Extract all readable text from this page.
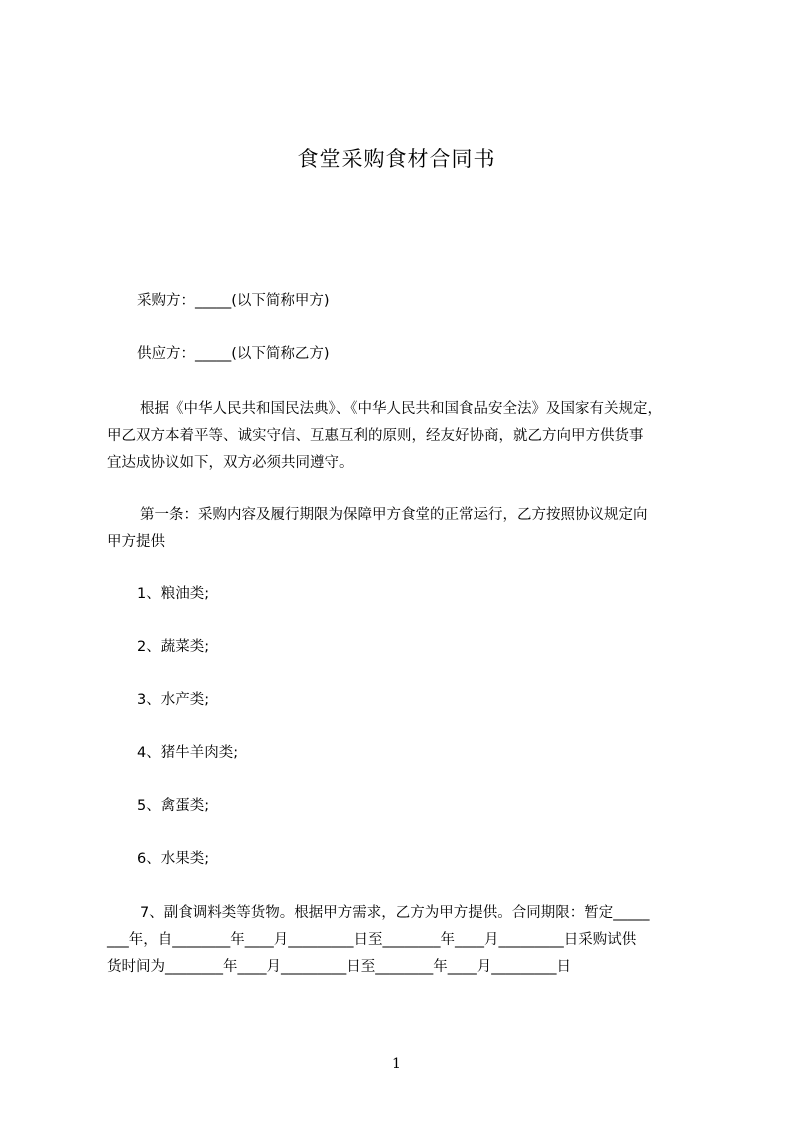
食堂采购食材合同书
采购方：_____(以下简称甲方)
供应方：_____(以下简称乙方)
根据《中华人民共和国民法典》、《中华人民共和国食品安全法》及国家有关规定，
甲乙双方本着平等、诚实守信、互惠互利的原则，经友好协商，就乙方向甲方供货事
宜达成协议如下，双方必须共同遵守。
第一条：采购内容及履行期限为保障甲方食堂的正常运行，乙方按照协议规定向
甲方提供
1、粮油类;
2、蔬菜类;
3、水产类;
4、猪牛羊肉类;
5、禽蛋类;
6、水果类;
7、副食调料类等货物。根据甲方需求，乙方为甲方提供。合同期限：暂定_____
___年，自________年____月_________日至________年____月_________日采购试供
货时间为________年____月_________日至________年____月_________日
1
